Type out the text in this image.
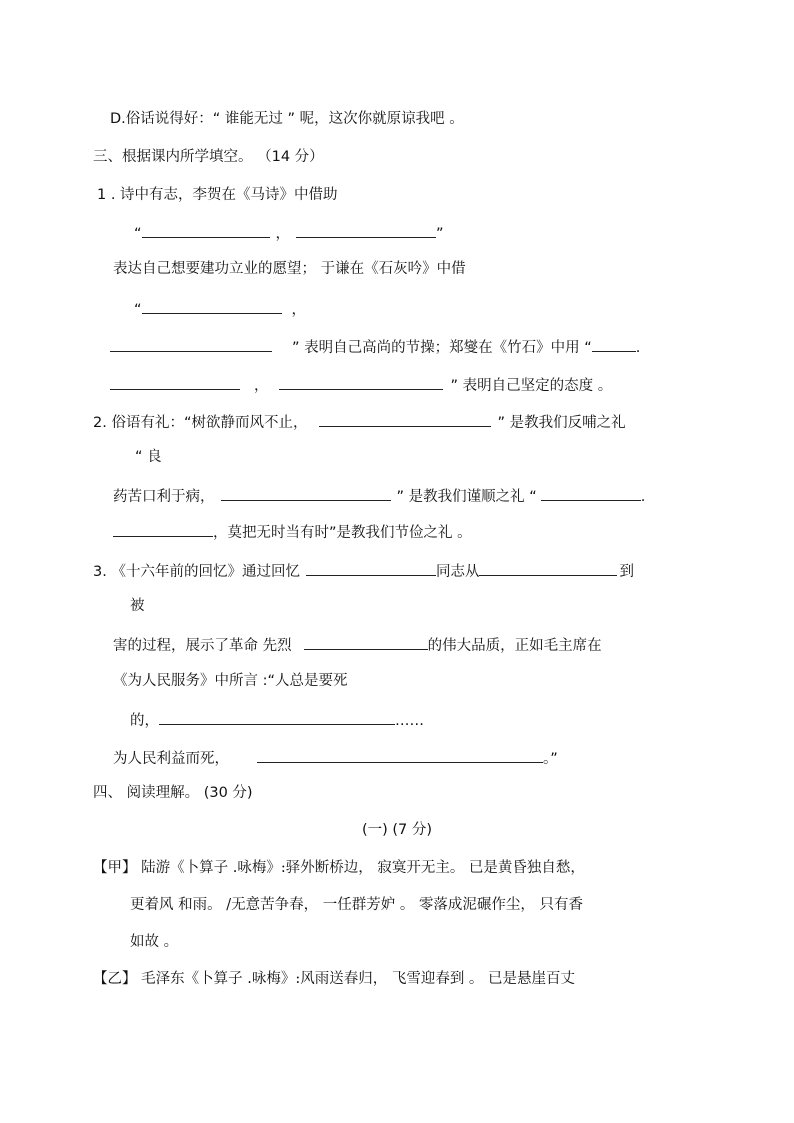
D.俗话说得好：“ 谁能无过 ” 呢，这次你就原谅我吧 。
三、根据课内所学填空。 （14 分）
1 . 诗中有志，李贺在《马诗》中借助
“	，	”
表达自己想要建功立业的愿望； 于谦在《石灰吟》中借
“	，
” 表明自己高尚的节操；郑燮在《竹石》中用 “	.
，	” 表明自己坚定的态度 。
2. 俗语有礼：“树欲静而风不止，	” 是教我们反哺之礼
“ 良
药苦口利于病，	” 是教我们谨顺之礼 “	.
，莫把无时当有时”是教我们节俭之礼 。
3. 《十六年前的回忆》通过回忆	同志从	到
被
害的过程，展示了革命 先烈	的伟大品质，正如毛主席在
《为人民服务》中所言 :“人总是要死
的，	……
为人民利益而死，	。”
四、 阅读理解。 (30 分)
(一) (7 分)
【甲】 陆游《卜算子 .咏梅》:驿外断桥边， 寂寞开无主。 已是黄昏独自愁，
更着风 和雨。 /无意苦争春， 一任群芳妒 。 零落成泥碾作尘， 只有香
如故 。
【乙】 毛泽东《卜算子 .咏梅》:风雨送春归， 飞雪迎春到 。 已是悬崖百丈
